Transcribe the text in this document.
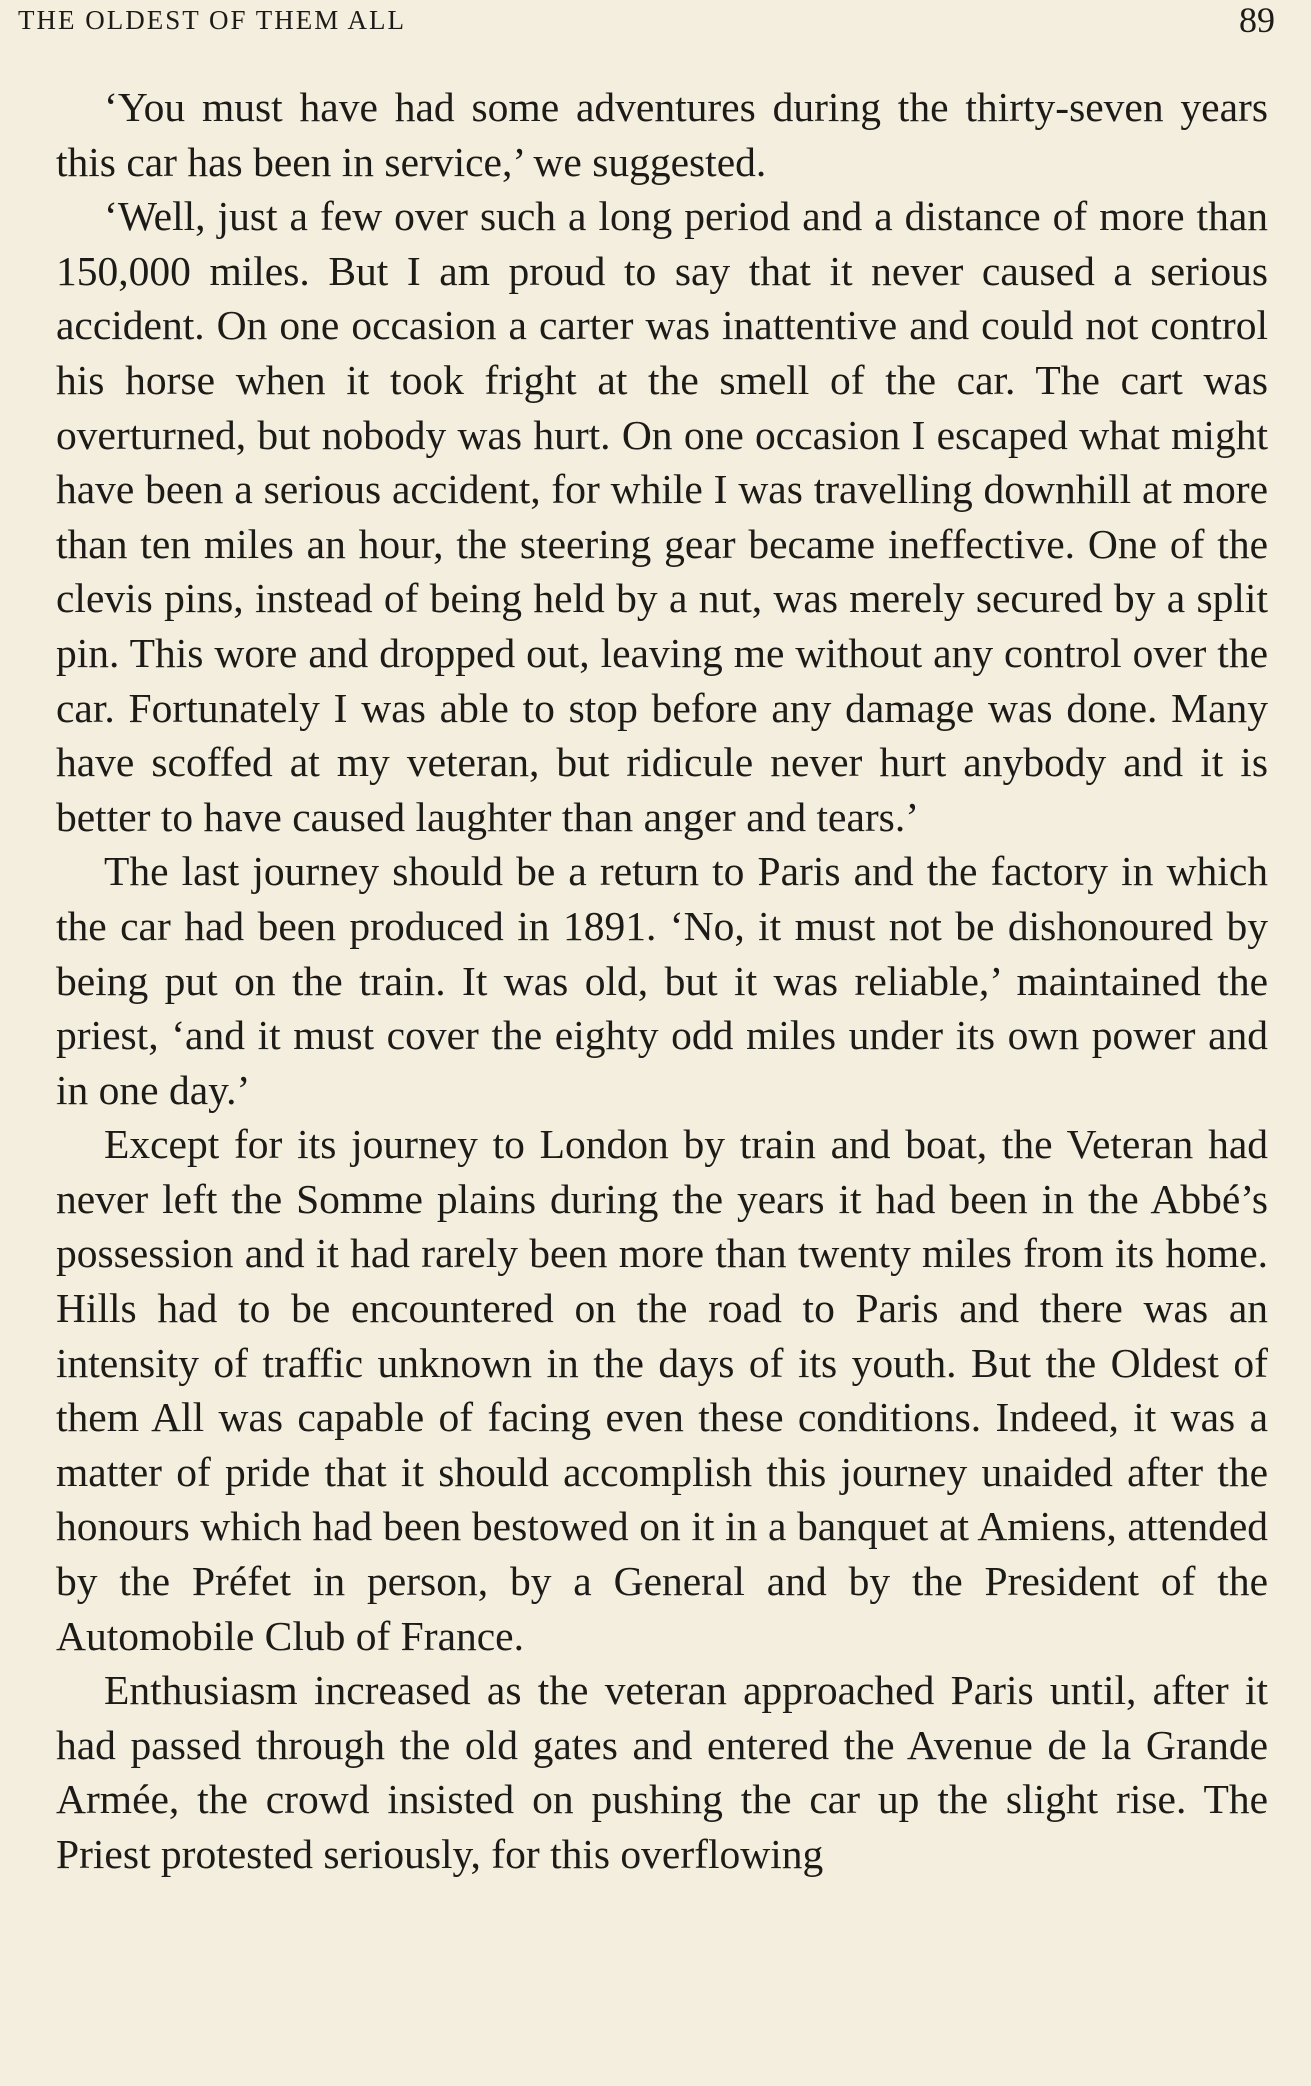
THE OLDEST OF THEM ALL	89

‘You must have had some adventures during the thirty-seven years this car has been in service,’ we suggested.

‘Well, just a few over such a long period and a distance of more than 150,000 miles. But I am proud to say that it never caused a serious accident. On one occasion a carter was inattentive and could not control his horse when it took fright at the smell of the car. The cart was overturned, but nobody was hurt. On one occasion I escaped what might have been a serious accident, for while I was travelling downhill at more than ten miles an hour, the steering gear became ineffective. One of the clevis pins, instead of being held by a nut, was merely secured by a split pin. This wore and dropped out, leaving me without any control over the car. Fortunately I was able to stop before any damage was done. Many have scoffed at my veteran, but ridicule never hurt anybody and it is better to have caused laughter than anger and tears.’

The last journey should be a return to Paris and the factory in which the car had been produced in 1891. ‘No, it must not be dishonoured by being put on the train. It was old, but it was reliable,’ maintained the priest, ‘and it must cover the eighty odd miles under its own power and in one day.’

Except for its journey to London by train and boat, the Veteran had never left the Somme plains during the years it had been in the Abbé’s possession and it had rarely been more than twenty miles from its home. Hills had to be encountered on the road to Paris and there was an intensity of traffic unknown in the days of its youth. But the Oldest of them All was capable of facing even these conditions. Indeed, it was a matter of pride that it should accomplish this journey unaided after the honours which had been bestowed on it in a banquet at Amiens, attended by the Préfet in person, by a General and by the President of the Automobile Club of France.

Enthusiasm increased as the veteran approached Paris until, after it had passed through the old gates and entered the Avenue de la Grande Armée, the crowd insisted on pushing the car up the slight rise. The Priest protested seriously, for this overflowing
